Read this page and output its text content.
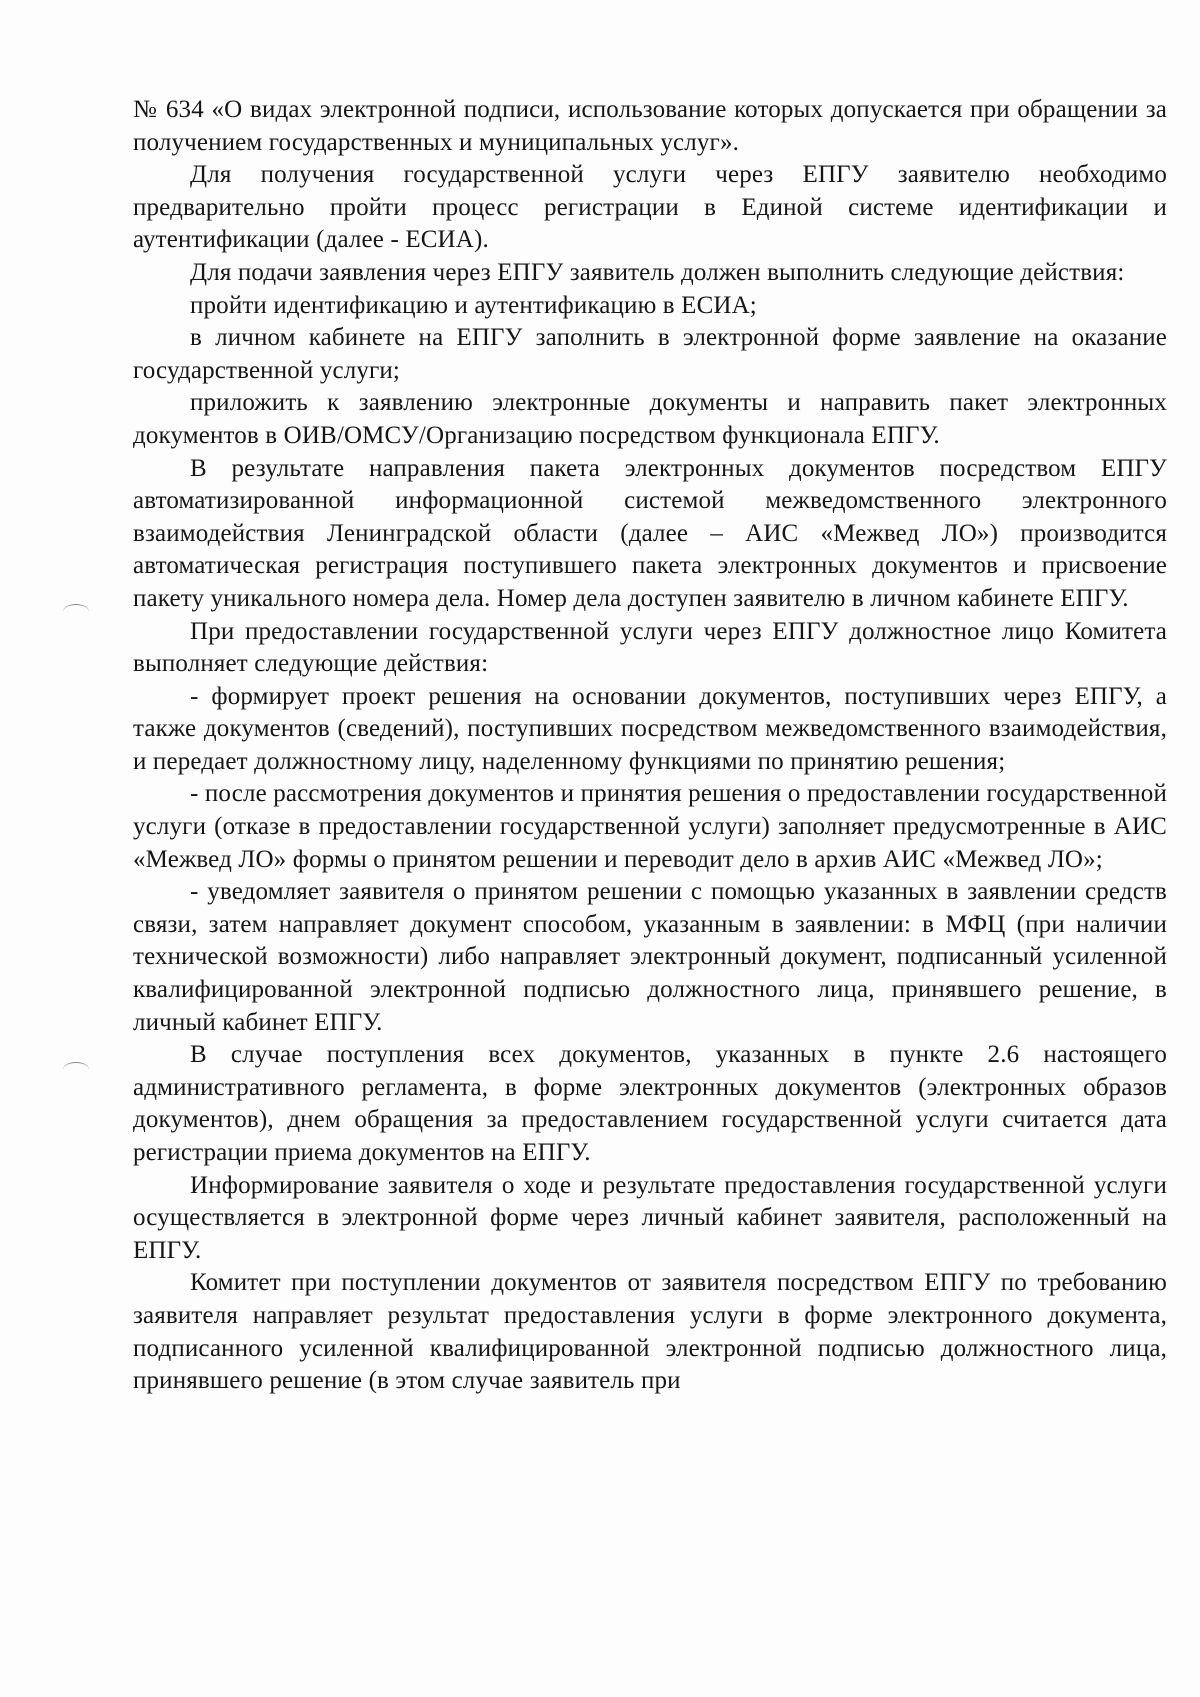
№ 634 «О видах электронной подписи, использование которых допускается при обращении за получением государственных и муниципальных услуг».

Для получения государственной услуги через ЕПГУ заявителю необходимо предварительно пройти процесс регистрации в Единой системе идентификации и аутентификации (далее - ЕСИА).

Для подачи заявления через ЕПГУ заявитель должен выполнить следующие действия:

пройти идентификацию и аутентификацию в ЕСИА;

в личном кабинете на ЕПГУ заполнить в электронной форме заявление на оказание государственной услуги;

приложить к заявлению электронные документы и направить пакет электронных документов в ОИВ/ОМСУ/Организацию посредством функционала ЕПГУ.

В результате направления пакета электронных документов посредством ЕПГУ автоматизированной информационной системой межведомственного электронного взаимодействия Ленинградской области (далее – АИС «Межвед ЛО») производится автоматическая регистрация поступившего пакета электронных документов и присвоение пакету уникального номера дела. Номер дела доступен заявителю в личном кабинете ЕПГУ.

При предоставлении государственной услуги через ЕПГУ должностное лицо Комитета выполняет следующие действия:

- формирует проект решения на основании документов, поступивших через ЕПГУ, а также документов (сведений), поступивших посредством межведомственного взаимодействия, и передает должностному лицу, наделенному функциями по принятию решения;

- после рассмотрения документов и принятия решения о предоставлении государственной услуги (отказе в предоставлении государственной услуги) заполняет предусмотренные в АИС «Межвед ЛО» формы о принятом решении и переводит дело в архив АИС «Межвед ЛО»;

- уведомляет заявителя о принятом решении с помощью указанных в заявлении средств связи, затем направляет документ способом, указанным в заявлении: в МФЦ (при наличии технической возможности) либо направляет электронный документ, подписанный усиленной квалифицированной электронной подписью должностного лица, принявшего решение, в личный кабинет ЕПГУ.

В случае поступления всех документов, указанных в пункте 2.6 настоящего административного регламента, в форме электронных документов (электронных образов документов), днем обращения за предоставлением государственной услуги считается дата регистрации приема документов на ЕПГУ.

Информирование заявителя о ходе и результате предоставления государственной услуги осуществляется в электронной форме через личный кабинет заявителя, расположенный на ЕПГУ.

Комитет при поступлении документов от заявителя посредством ЕПГУ по требованию заявителя направляет результат предоставления услуги в форме электронного документа, подписанного усиленной квалифицированной электронной подписью должностного лица, принявшего решение (в этом случае заявитель при
